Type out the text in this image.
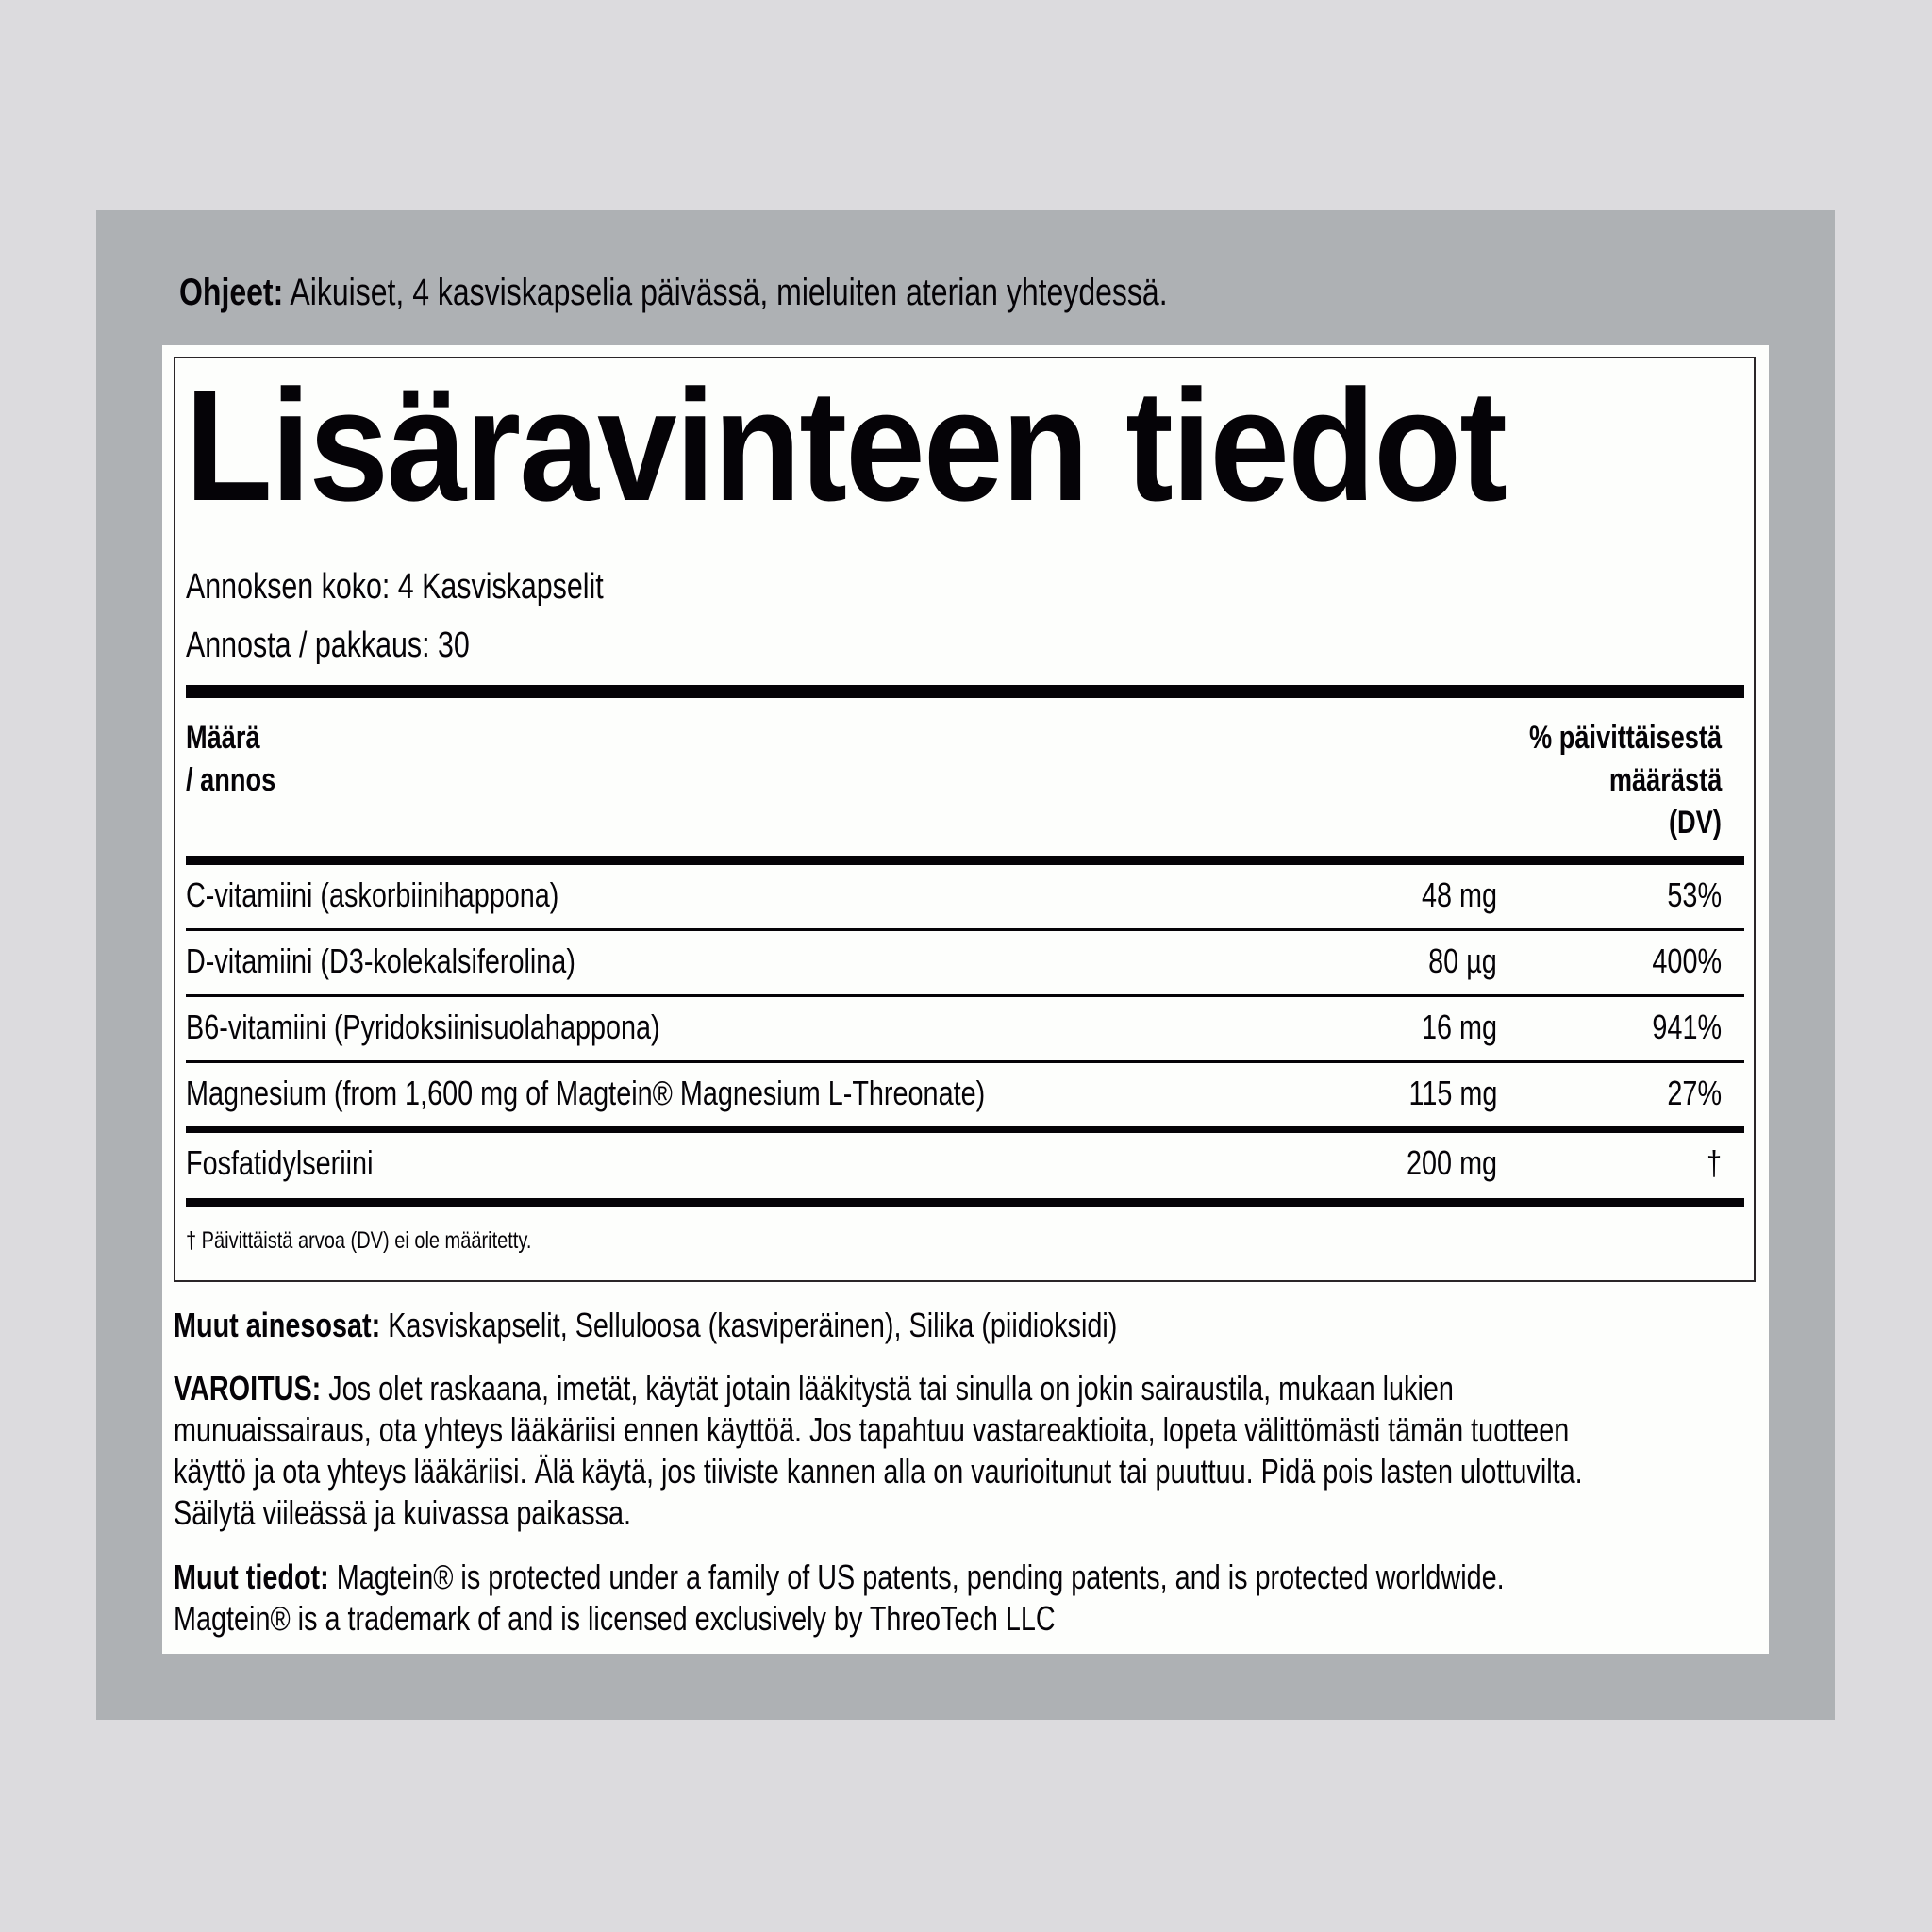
Ohjeet: Aikuiset, 4 kasviskapselia päivässä, mieluiten aterian yhteydessä.
Lisäravinteen tiedot
Annoksen koko: 4 Kasviskapselit
Annosta / pakkaus: 30
Määrä
/ annos
% päivittäisestä
määrästä
(DV)
C-vitamiini (askorbiinihappona)	48 mg	53%
D-vitamiini (D3-kolekalsiferolina)	80 µg	400%
B6-vitamiini (Pyridoksiinisuolahappona)	16 mg	941%
Magnesium (from 1,600 mg of Magtein® Magnesium L-Threonate)	115 mg	27%
Fosfatidylseriini	200 mg	†
† Päivittäistä arvoa (DV) ei ole määritetty.
Muut ainesosat: Kasviskapselit, Selluloosa (kasviperäinen), Silika (piidioksidi)
VAROITUS: Jos olet raskaana, imetät, käytät jotain lääkitystä tai sinulla on jokin sairaustila, mukaan lukien
munuaissairaus, ota yhteys lääkäriisi ennen käyttöä. Jos tapahtuu vastareaktioita, lopeta välittömästi tämän tuotteen
käyttö ja ota yhteys lääkäriisi. Älä käytä, jos tiiviste kannen alla on vaurioitunut tai puuttuu. Pidä pois lasten ulottuvilta.
Säilytä viileässä ja kuivassa paikassa.
Muut tiedot: Magtein® is protected under a family of US patents, pending patents, and is protected worldwide.
Magtein® is a trademark of and is licensed exclusively by ThreoTech LLC
